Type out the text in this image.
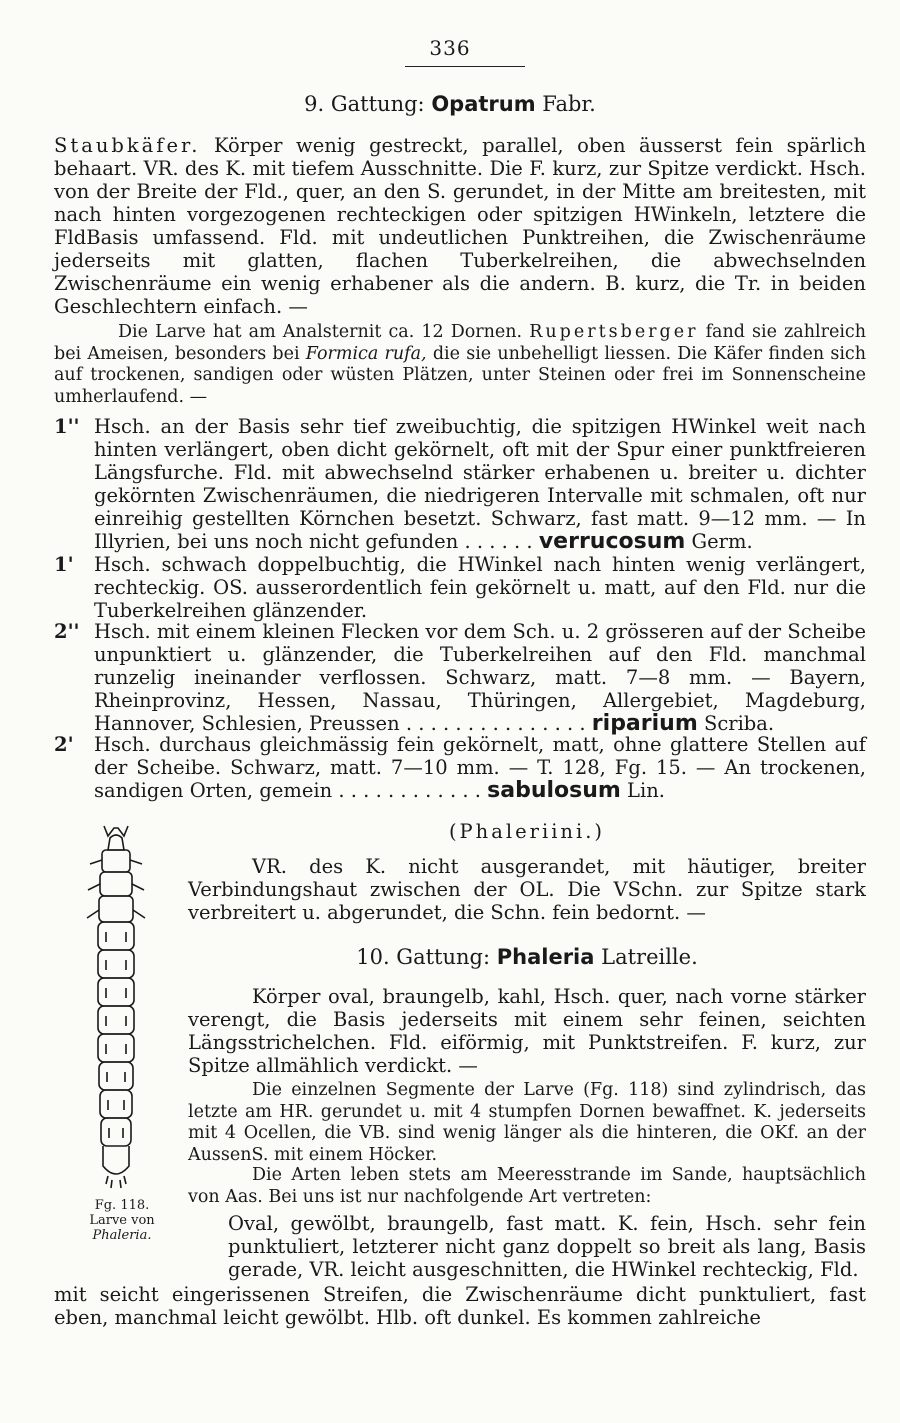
336
9. Gattung: Opatrum Fabr.
Staubkäfer. Körper wenig gestreckt, parallel, oben äusserst fein spärlich behaart. VR. des K. mit tiefem Ausschnitte. Die F. kurz, zur Spitze verdickt. Hsch. von der Breite der Fld., quer, an den S. gerundet, in der Mitte am breitesten, mit nach hinten vorgezogenen rechteckigen oder spitzigen HWinkeln, letztere die FldBasis umfassend. Fld. mit undeutlichen Punktreihen, die Zwischenräume jederseits mit glatten, flachen Tuberkelreihen, die abwechselnden Zwischenräume ein wenig erhabener als die andern. B. kurz, die Tr. in beiden Geschlechtern einfach. —
Die Larve hat am Analsternit ca. 12 Dornen. Rupertsberger fand sie zahlreich bei Ameisen, besonders bei Formica rufa, die sie unbehelligt liessen. Die Käfer finden sich auf trockenen, sandigen oder wüsten Plätzen, unter Steinen oder frei im Sonnenscheine umherlaufend. —
1'' Hsch. an der Basis sehr tief zweibuchtig, die spitzigen HWinkel weit nach hinten verlängert, oben dicht gekörnelt, oft mit der Spur einer punktfreieren Längsfurche. Fld. mit abwechselnd stärker erhabenen u. breiter u. dichter gekörnten Zwischenräumen, die niedrigeren Intervalle mit schmalen, oft nur einreihig gestellten Körnchen besetzt. Schwarz, fast matt. 9—12 mm. — In Illyrien, bei uns noch nicht gefunden . . . . . . verrucosum Germ.
1'	Hsch. schwach doppelbuchtig, die HWinkel nach hinten wenig verlängert, rechteckig. OS. ausserordentlich fein gekörnelt u. matt, auf den Fld. nur die Tuberkelreihen glänzender.
2'' Hsch. mit einem kleinen Flecken vor dem Sch. u. 2 grösseren auf der Scheibe unpunktiert u. glänzender, die Tuberkelreihen auf den Fld. manchmal runzelig ineinander verflossen. Schwarz, matt. 7—8 mm. — Bayern, Rheinprovinz, Hessen, Nassau, Thüringen, Allergebiet, Magdeburg, Hannover, Schlesien, Preussen . . . . . . . . . . . . . . . riparium Scriba.
2'	Hsch. durchaus gleichmässig fein gekörnelt, matt, ohne glattere Stellen auf der Scheibe. Schwarz, matt. 7—10 mm. — T. 128, Fg. 15. — An trockenen, sandigen Orten, gemein . . . . . . . . . . . . sabulosum Lin.
Fg. 118.
Larve von
Phaleria.
(Phaleriini.)
VR. des K. nicht ausgerandet, mit häutiger, breiter Verbindungshaut zwischen der OL. Die VSchn. zur Spitze stark verbreitert u. abgerundet, die Schn. fein bedornt. —
10. Gattung: Phaleria Latreille.
Körper oval, braungelb, kahl, Hsch. quer, nach vorne stärker verengt, die Basis jederseits mit einem sehr feinen, seichten Längsstrichelchen. Fld. eiförmig, mit Punktstreifen. F. kurz, zur Spitze allmählich verdickt. —
Die einzelnen Segmente der Larve (Fg. 118) sind zylindrisch, das letzte am HR. gerundet u. mit 4 stumpfen Dornen bewaffnet. K. jederseits mit 4 Ocellen, die VB. sind wenig länger als die hinteren, die OKf. an der AussenS. mit einem Höcker.
Die Arten leben stets am Meeresstrande im Sande, hauptsächlich von Aas. Bei uns ist nur nachfolgende Art vertreten:
Oval, gewölbt, braungelb, fast matt. K. fein, Hsch. sehr fein punktuliert, letzterer nicht ganz doppelt so breit als lang, Basis gerade, VR. leicht ausgeschnitten, die HWinkel rechteckig, Fld.
mit seicht eingerissenen Streifen, die Zwischenräume dicht punktuliert, fast eben, manchmal leicht gewölbt. Hlb. oft dunkel. Es kommen zahlreiche
